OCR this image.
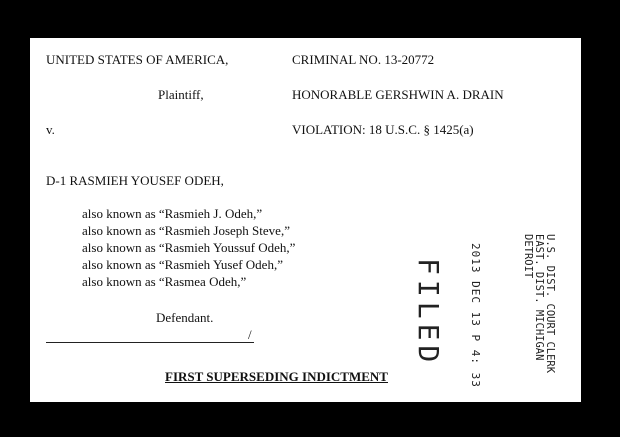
UNITED STATES OF AMERICA,	CRIMINAL NO. 13-20772
Plaintiff,	HONORABLE GERSHWIN A. DRAIN
v.	VIOLATION: 18 U.S.C. § 1425(a)
D-1 RASMIEH YOUSEF ODEH,
also known as “Rasmieh J. Odeh,”
also known as “Rasmieh Joseph Steve,”
also known as “Rasmieh Youssuf Odeh,”
also known as “Rasmieh Yusef Odeh,”
also known as “Rasmea Odeh,”
Defendant.
/
FIRST SUPERSEDING INDICTMENT
FILED 2013 DEC 13 P 4: 33	U.S. DIST. COURT CLERK
EAST. DIST. MICHIGAN
DETROIT
